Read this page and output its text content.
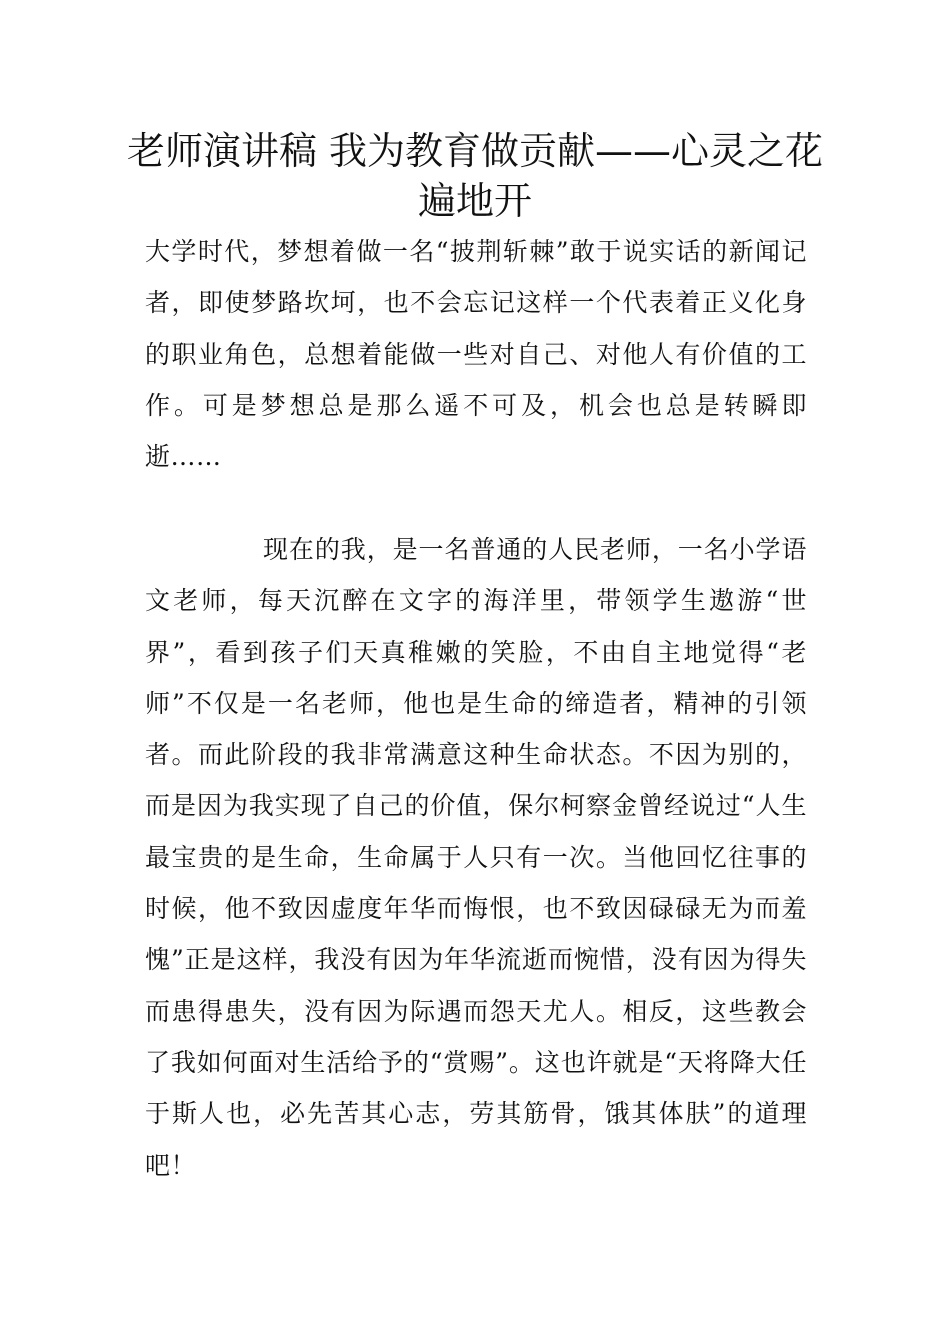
老师演讲稿 我为教育做贡献——心灵之花遍地开

大学时代，梦想着做一名“披荆斩棘”敢于说实话的新闻记者，即使梦路坎坷，也不会忘记这样一个代表着正义化身的职业角色，总想着能做一些对自己、对他人有价值的工作。可是梦想总是那么遥不可及，机会也总是转瞬即逝……

现在的我，是一名普通的人民老师，一名小学语文老师，每天沉醉在文字的海洋里，带领学生遨游“世界”，看到孩子们天真稚嫩的笑脸，不由自主地觉得“老师”不仅是一名老师，他也是生命的缔造者，精神的引领者。而此阶段的我非常满意这种生命状态。不因为别的，而是因为我实现了自己的价值，保尔柯察金曾经说过“人生最宝贵的是生命，生命属于人只有一次。当他回忆往事的时候，他不致因虚度年华而悔恨，也不致因碌碌无为而羞愧”正是这样，我没有因为年华流逝而惋惜，没有因为得失而患得患失，没有因为际遇而怨天尤人。相反，这些教会了我如何面对生活给予的“赏赐”。这也许就是“天将降大任于斯人也，必先苦其心志，劳其筋骨，饿其体肤”的道理吧！
